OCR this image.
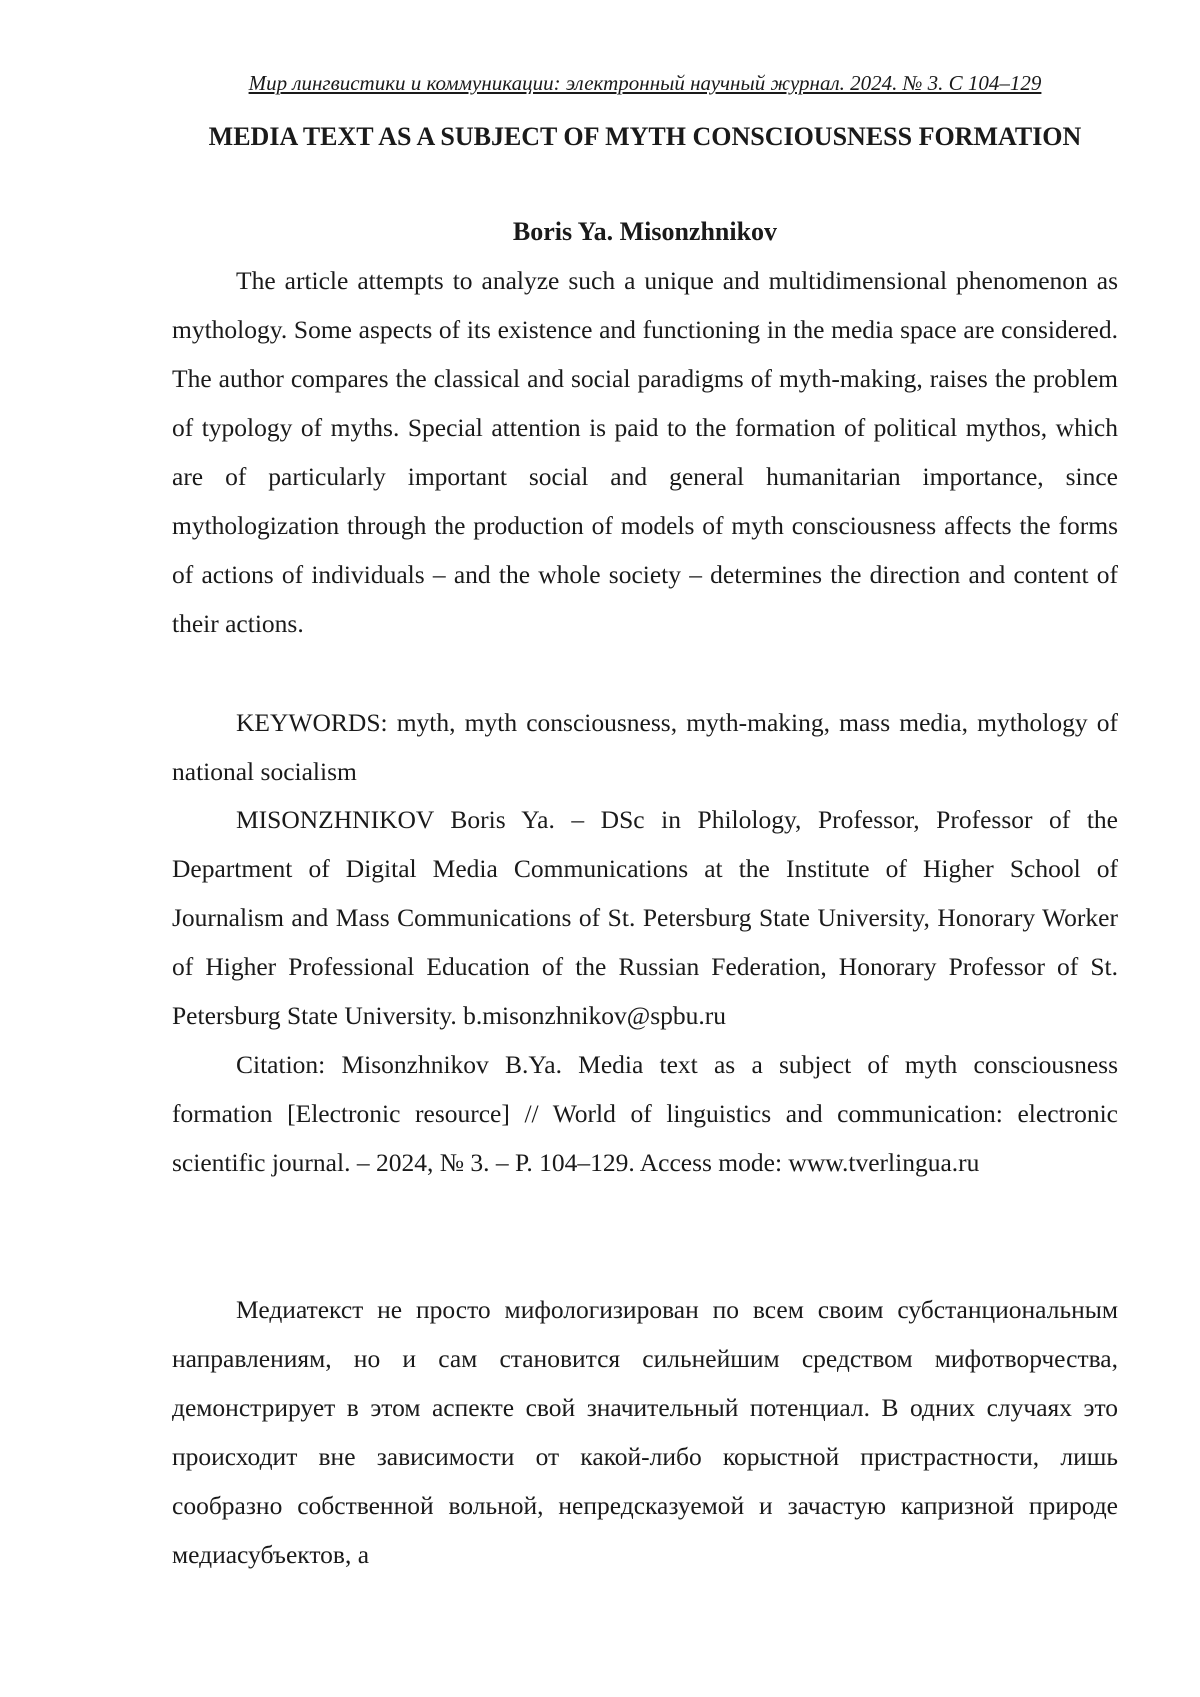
Мир лингвистики и коммуникации: электронный научный журнал. 2024. № 3. С 104–129
MEDIA TEXT AS A SUBJECT OF MYTH CONSCIOUSNESS FORMATION
Boris Ya. Misonzhnikov

The article attempts to analyze such a unique and multidimensional phenomenon as mythology. Some aspects of its existence and functioning in the media space are considered. The author compares the classical and social paradigms of myth-making, raises the problem of typology of myths. Special attention is paid to the formation of political mythos, which are of particularly important social and general humanitarian importance, since mythologization through the production of models of myth consciousness affects the forms of actions of individuals – and the whole society – determines the direction and content of their actions.

KEYWORDS: myth, myth consciousness, myth-making, mass media, mythology of national socialism

MISONZHNIKOV Boris Ya. – DSc in Philology, Professor, Professor of the Department of Digital Media Communications at the Institute of Higher School of Journalism and Mass Communications of St. Petersburg State University, Honorary Worker of Higher Professional Education of the Russian Federation, Honorary Professor of St. Petersburg State University. b.misonzhnikov@spbu.ru

Citation: Misonzhnikov B.Ya. Media text as a subject of myth consciousness formation [Electronic resource] // World of linguistics and communication: electronic scientific journal. – 2024, № 3. – P. 104–129. Access mode: www.tverlingua.ru

Медиатекст не просто мифологизирован по всем своим субстанциональным направлениям, но и сам становится сильнейшим средством мифотворчества, демонстрирует в этом аспекте свой значительный потенциал. В одних случаях это происходит вне зависимости от какой-либо корыстной пристрастности, лишь сообразно собственной вольной, непредсказуемой и зачастую капризной природе медиасубъектов, а
